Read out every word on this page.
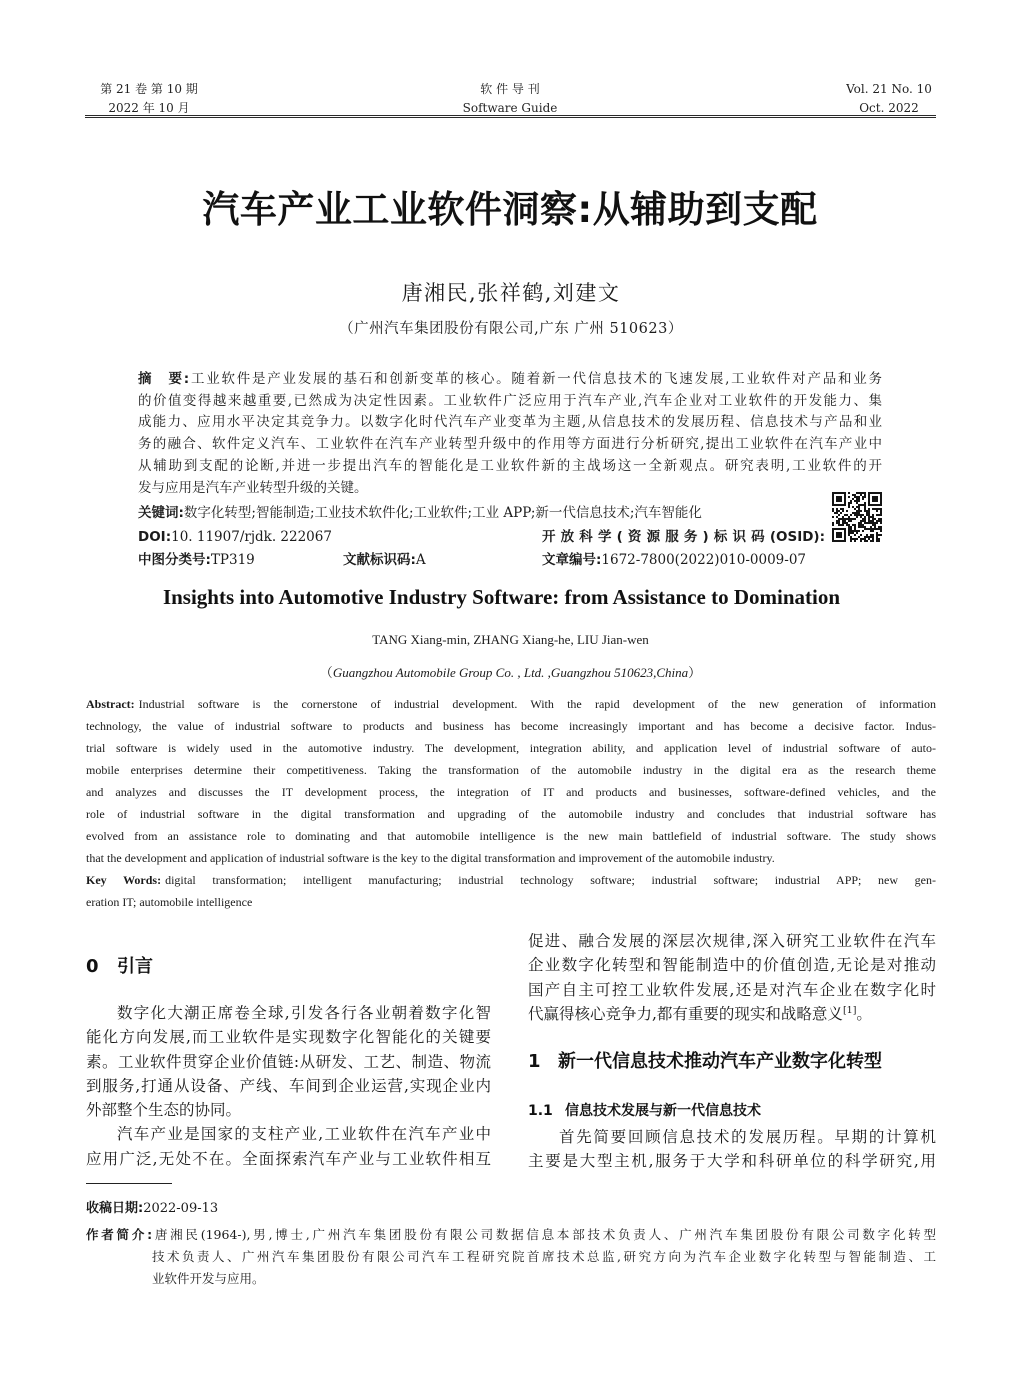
第 21 卷 第 10 期
2022 年 10 月
软 件 导 刊
Software Guide
Vol. 21 No. 10
Oct. 2022
汽车产业工业软件洞察:从辅助到支配
唐湘民,张祥鹤,刘建文
（广州汽车集团股份有限公司,广东 广州 510623）
摘　要:工业软件是产业发展的基石和创新变革的核心。随着新一代信息技术的飞速发展,工业软件对产品和业务
的价值变得越来越重要,已然成为决定性因素。工业软件广泛应用于汽车产业,汽车企业对工业软件的开发能力、集
成能力、应用水平决定其竞争力。以数字化时代汽车产业变革为主题,从信息技术的发展历程、信息技术与产品和业
务的融合、软件定义汽车、工业软件在汽车产业转型升级中的作用等方面进行分析研究,提出工业软件在汽车产业中
从辅助到支配的论断,并进一步提出汽车的智能化是工业软件新的主战场这一全新观点。研究表明,工业软件的开
发与应用是汽车产业转型升级的关键。
关键词:数字化转型;智能制造;工业技术软件化;工业软件;工业 APP;新一代信息技术;汽车智能化
DOI:10. 11907/rjdk. 222067	开放科学(资源服务)标识码(OSID):
中图分类号:TP319	文献标识码:A	文章编号:1672-7800(2022)010-0009-07
Insights into Automotive Industry Software: from Assistance to Domination
TANG Xiang-min, ZHANG Xiang-he, LIU Jian-wen
（Guangzhou Automobile Group Co. , Ltd. ,Guangzhou 510623,China）
Abstract: Industrial software is the cornerstone of industrial development. With the rapid development of the new generation of information
technology, the value of industrial software to products and business has become increasingly important and has become a decisive factor. Indus-
trial software is widely used in the automotive industry. The development, integration ability, and application level of industrial software of auto-
mobile enterprises determine their competitiveness. Taking the transformation of the automobile industry in the digital era as the research theme
and analyzes and discusses the IT development process, the integration of IT and products and businesses, software-defined vehicles, and the
role of industrial software in the digital transformation and upgrading of the automobile industry and concludes that industrial software has
evolved from an assistance role to dominating and that automobile intelligence is the new main battlefield of industrial software. The study shows
that the development and application of industrial software is the key to the digital transformation and improvement of the automobile industry.
Key Words: digital transformation; intelligent manufacturing; industrial technology software; industrial software; industrial APP; new gen-
eration IT; automobile intelligence
0 引言
数字化大潮正席卷全球,引发各行各业朝着数字化智
能化方向发展,而工业软件是实现数字化智能化的关键要
素。工业软件贯穿企业价值链:从研发、工艺、制造、物流
到服务,打通从设备、产线、车间到企业运营,实现企业内
外部整个生态的协同。
汽车产业是国家的支柱产业,工业软件在汽车产业中
应用广泛,无处不在。全面探索汽车产业与工业软件相互
促进、融合发展的深层次规律,深入研究工业软件在汽车
企业数字化转型和智能制造中的价值创造,无论是对推动
国产自主可控工业软件发展,还是对汽车企业在数字化时
代赢得核心竞争力,都有重要的现实和战略意义[1]。
1 新一代信息技术推动汽车产业数字化转型
1.1 信息技术发展与新一代信息技术
首先简要回顾信息技术的发展历程。早期的计算机
主要是大型主机,服务于大学和科研单位的科学研究,用
收稿日期:2022-09-13
作者简介:唐湘民(1964-),男,博士,广州汽车集团股份有限公司数据信息本部技术负责人、广州汽车集团股份有限公司数字化转型
技术负责人、广州汽车集团股份有限公司汽车工程研究院首席技术总监,研究方向为汽车企业数字化转型与智能制造、工
业软件开发与应用。
